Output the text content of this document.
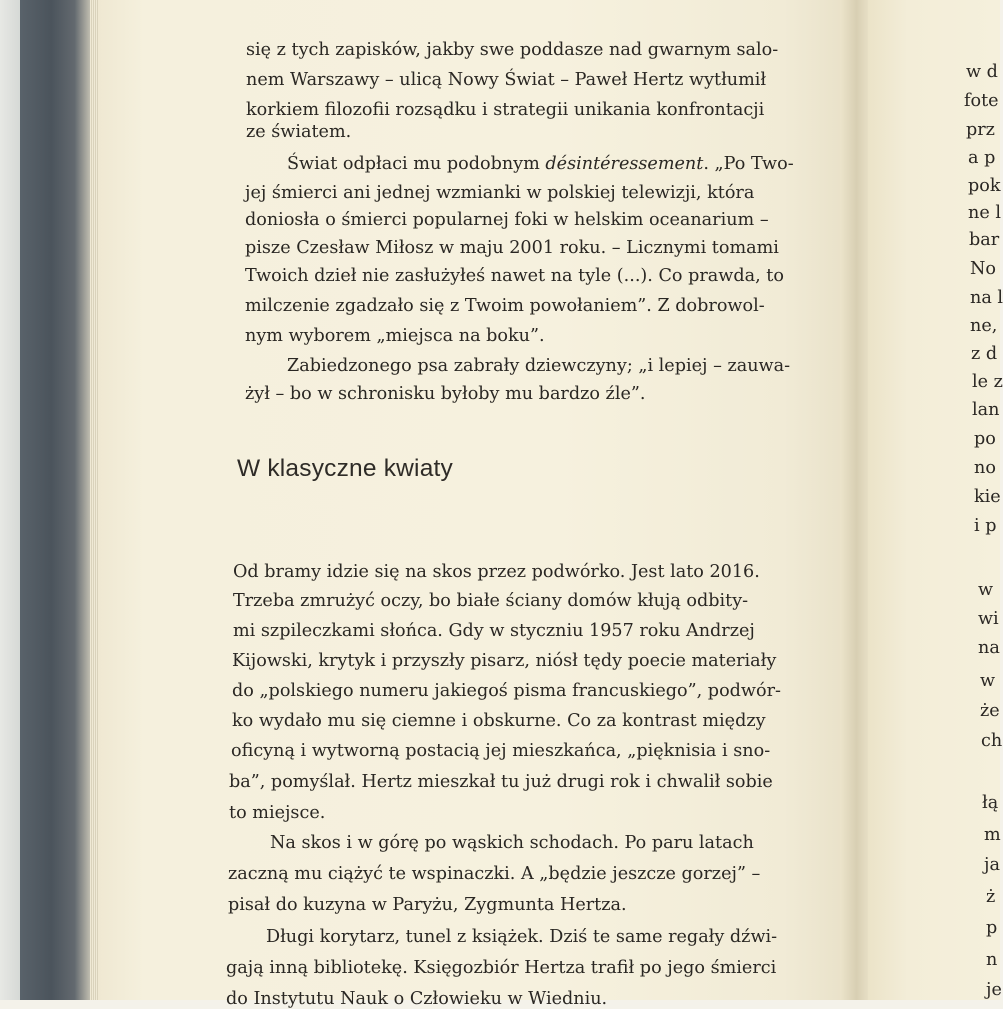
się z tych zapisków, jakby swe poddasze nad gwarnym salo-
nem Warszawy – ulicą Nowy Świat – Paweł Hertz wytłumił
korkiem filozofii rozsądku i strategii unikania konfrontacji
ze światem.
Świat odpłaci mu podobnym désintéressement. „Po Two-
jej śmierci ani jednej wzmianki w polskiej telewizji, która
doniosła o śmierci popularnej foki w helskim oceanarium –
pisze Czesław Miłosz w maju 2001 roku. – Licznymi tomami
Twoich dzieł nie zasłużyłeś nawet na tyle (...). Co prawda, to
milczenie zgadzało się z Twoim powołaniem”. Z dobrowol-
nym wyborem „miejsca na boku”.
Zabiedzonego psa zabrały dziewczyny; „i lepiej – zauwa-
żył – bo w schronisku byłoby mu bardzo źle”.
W klasyczne kwiaty
Od bramy idzie się na skos przez podwórko. Jest lato 2016.
Trzeba zmrużyć oczy, bo białe ściany domów kłują odbity-
mi szpileczkami słońca. Gdy w styczniu 1957 roku Andrzej
Kijowski, krytyk i przyszły pisarz, niósł tędy poecie materiały
do „polskiego numeru jakiegoś pisma francuskiego”, podwór-
ko wydało mu się ciemne i obskurne. Co za kontrast między
oficyną i wytworną postacią jej mieszkańca, „pięknisia i sno-
ba”, pomyślał. Hertz mieszkał tu już drugi rok i chwalił sobie
to miejsce.
Na skos i w górę po wąskich schodach. Po paru latach
zaczną mu ciążyć te wspinaczki. A „będzie jeszcze gorzej” –
pisał do kuzyna w Paryżu, Zygmunta Hertza.
Długi korytarz, tunel z książek. Dziś te same regały dźwi-
gają inną bibliotekę. Księgozbiór Hertza trafił po jego śmierci
do Instytutu Nauk o Człowieku w Wiedniu.
w d
fote
prz
a p
pok
ne l
bar
No
na l
ne,
z d
le z
lan
po
no
kie
i p
w
wi
na
w
że
ch
łą
m
ja
ż
p
n
je
